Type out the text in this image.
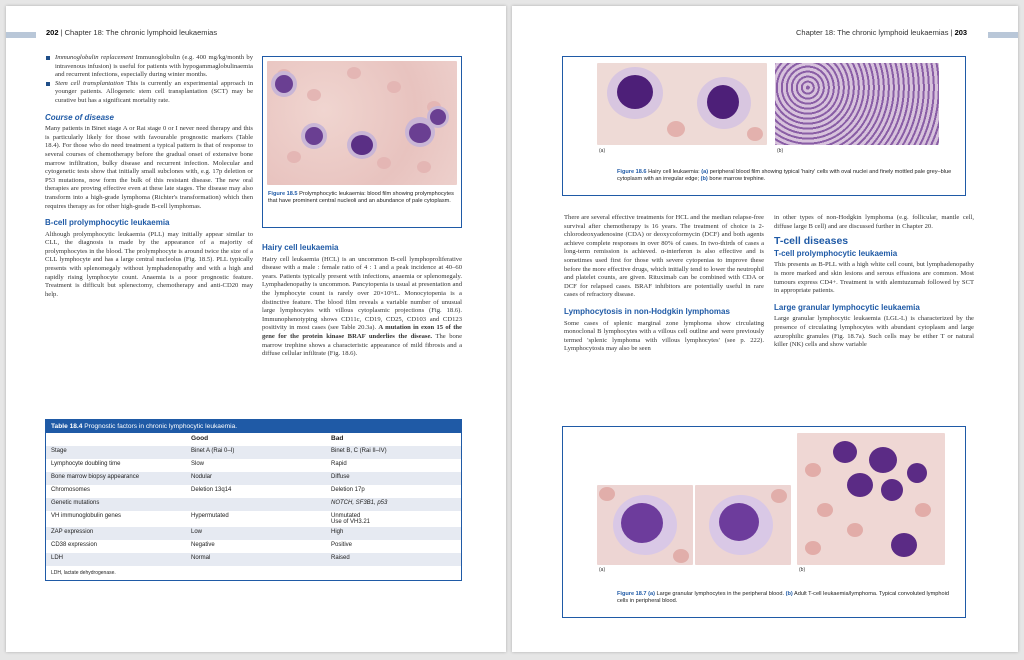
202 | Chapter 18: The chronic lymphoid leukaemias
Immunoglobulin replacement Immunoglobulin (e.g. 400 mg/kg/month by intravenous infusion) is useful for patients with hypogammaglobulinaemia and recurrent infections, especially during winter months.
Stem cell transplantation This is currently an experimental approach in younger patients. Allogeneic stem cell transplantation (SCT) may be curative but has a significant mortality rate.
Course of disease

Many patients in Binet stage A or Rai stage 0 or I never need therapy and this is particularly likely for those with favourable prognostic markers (Table 18.4). For those who do need treatment a typical pattern is that of response to several courses of chemotherapy before the gradual onset of extensive bone marrow infiltration, bulky disease and recurrent infection. Molecular and cytogenetic tests show that initially small subclones with, e.g. 17p deletion or P53 mutations, now form the bulk of this resistant disease. The new oral therapies are proving effective even at these late stages. The disease may also transform into a high-grade lymphoma (Richter's transformation) which then requires therapy as for other high-grade B-cell lymphomas.

B-cell prolymphocytic leukaemia

Although prolymphocytic leukaemia (PLL) may initially appear similar to CLL, the diagnosis is made by the appearance of a majority of prolymphocytes in the blood. The prolymphocyte is around twice the size of a CLL lymphocyte and has a large central nucleolus (Fig. 18.5). PLL typically presents with splenomegaly without lymphadenopathy and with a high and rapidly rising lymphocyte count. Anaemia is a poor prognostic feature. Treatment is difficult but splenectomy, chemotherapy and anti-CD20 may help.

Figure 18.5 Prolymphocytic leukaemia: blood film showing prolymphocytes that have prominent central nucleoli and an abundance of pale cytoplasm.
Hairy cell leukaemia

Hairy cell leukaemia (HCL) is an uncommon B-cell lymphoproliferative disease with a male : female ratio of 4 : 1 and a peak incidence at 40–60 years. Patients typically present with infections, anaemia or splenomegaly. Lymphadenopathy is uncommon. Pancytopenia is usual at presentation and the lymphocyte count is rarely over 20×10⁹/L. Monocytopenia is a distinctive feature. The blood film reveals a variable number of unusual large lymphocytes with villous cytoplasmic projections (Fig. 18.6). Immunophenotyping shows CD11c, CD19, CD25, CD103 and CD123 positivity in most cases (see Table 20.3a). A mutation in exon 15 of the gene for the protein kinase BRAF underlies the disease. The bone marrow trephine shows a characteristic appearance of mild fibrosis and a diffuse cellular infiltrate (Fig. 18.6).

Table 18.4 Prognostic factors in chronic lymphocytic leukaemia.
	Good	Bad
Stage	Binet A (Rai 0–I)	Binet B, C (Rai II–IV)
Lymphocyte doubling time	Slow	Rapid
Bone marrow biopsy appearance	Nodular	Diffuse
Chromosomes	Deletion 13q14	Deletion 17p
Genetic mutations		NOTCH, SF3B1, p53
VH immunoglobulin genes	Hypermutated	Unmutated
Use of VH3.21
ZAP expression	Low	High
CD38 expression	Negative	Positive
LDH	Normal	Raised
LDH, lactate dehydrogenase.
Chapter 18: The chronic lymphoid leukaemias | 203
(a)	(b)
Figure 18.6 Hairy cell leukaemia: (a) peripheral blood film showing typical 'hairy' cells with oval nuclei and finely mottled pale grey–blue cytoplasm with an irregular edge; (b) bone marrow trephine.

There are several effective treatments for HCL and the median relapse-free survival after chemotherapy is 16 years. The treatment of choice is 2-chlorodeoxyadenosine (CDA) or deoxycoformycin (DCF) and both agents achieve complete responses in over 80% of cases. In two-thirds of cases a long-term remission is achieved. α-interferon is also effective and is sometimes used first for those with severe cytopenias to improve these before the more effective drugs, which initially tend to lower the neutrophil and platelet counts, are given. Rituximab can be combined with CDA or DCF for relapsed cases. BRAF inhibitors are potentially useful in rare cases of refractory disease.

Lymphocytosis in non-Hodgkin lymphomas

Some cases of splenic marginal zone lymphoma show circulating monoclonal B lymphocytes with a villous cell outline and were previously termed 'splenic lymphoma with villous lymphocytes' (see p. 222). Lymphocytosis may also be seen

in other types of non-Hodgkin lymphoma (e.g. follicular, mantle cell, diffuse large B cell) and are discussed further in Chapter 20.

T-cell diseases
T-cell prolymphocytic leukaemia

This presents as B-PLL with a high white cell count, but lymphadenopathy is more marked and skin lesions and serous effusions are common. Most tumours express CD4+. Treatment is with alemtuzumab followed by SCT in appropriate patients.

Large granular lymphocytic leukaemia

Large granular lymphocytic leukaemia (LGL-L) is characterized by the presence of circulating lymphocytes with abundant cytoplasm and large azurophilic granules (Fig. 18.7a). Such cells may be either T or natural killer (NK) cells and show variable

(a)	(b)
Figure 18.7 (a) Large granular lymphocytes in the peripheral blood. (b) Adult T-cell leukaemia/lymphoma. Typical convoluted lymphoid cells in peripheral blood.
